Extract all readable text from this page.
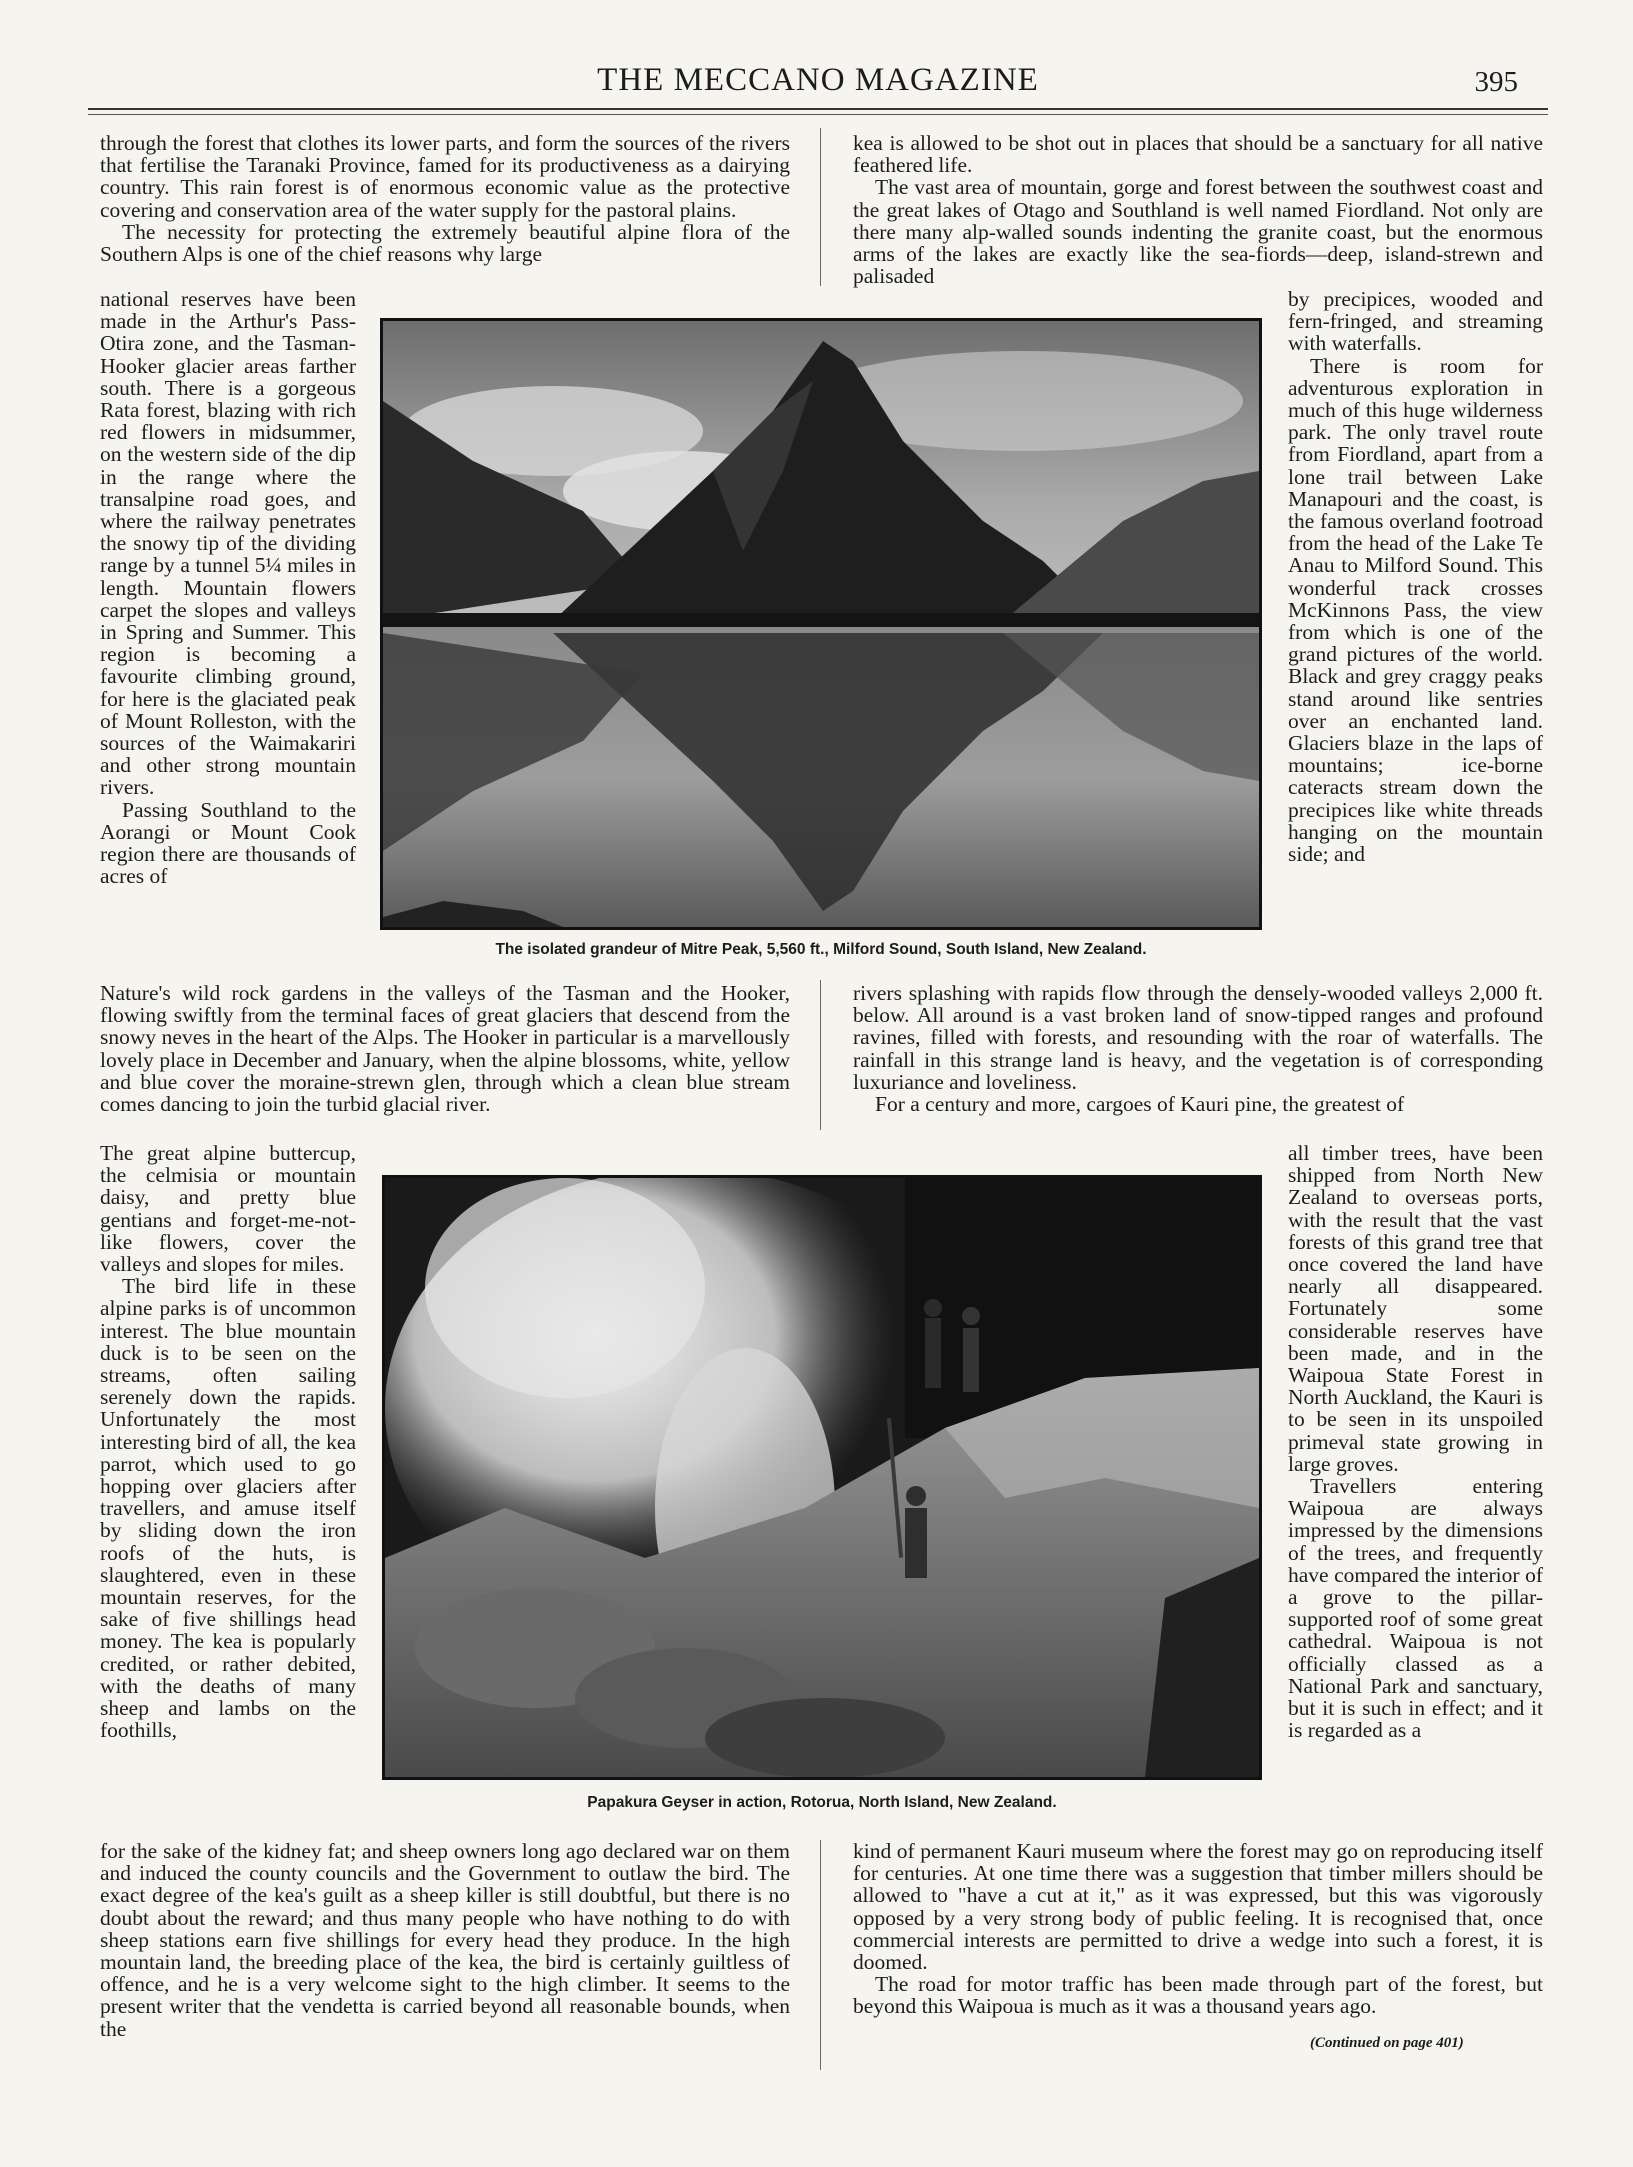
THE MECCANO MAGAZINE	395

through the forest that clothes its lower parts, and form the sources of the rivers that fertilise the Taranaki Province, famed for its productiveness as a dairying country. This rain forest is of enormous economic value as the protective covering and conservation area of the water supply for the pastoral plains.

The necessity for protecting the extremely beautiful alpine flora of the Southern Alps is one of the chief reasons why large

national reserves have been made in the Arthur's Pass-Otira zone, and the Tasman-Hooker glacier areas farther south. There is a gorgeous Rata forest, blazing with rich red flowers in midsummer, on the western side of the dip in the range where the transalpine road goes, and where the railway penetrates the snowy tip of the dividing range by a tunnel 5¼ miles in length. Mountain flowers carpet the slopes and valleys in Spring and Summer. This region is becoming a favourite climbing ground, for here is the glaciated peak of Mount Rolleston, with the sources of the Waimakariri and other strong mountain rivers.

Passing Southland to the Aorangi or Mount Cook region there are thousands of acres of

Nature's wild rock gardens in the valleys of the Tasman and the Hooker, flowing swiftly from the terminal faces of great glaciers that descend from the snowy neves in the heart of the Alps. The Hooker in particular is a marvellously lovely place in December and January, when the alpine blossoms, white, yellow and blue cover the moraine-strewn glen, through which a clean blue stream comes dancing to join the turbid glacial river.

The great alpine buttercup, the celmisia or mountain daisy, and pretty blue gentians and forget-me-not-like flowers, cover the valleys and slopes for miles.

The bird life in these alpine parks is of uncommon interest. The blue mountain duck is to be seen on the streams, often sailing serenely down the rapids. Unfortunately the most interesting bird of all, the kea parrot, which used to go hopping over glaciers after travellers, and amuse itself by sliding down the iron roofs of the huts, is slaughtered, even in these mountain reserves, for the sake of five shillings head money. The kea is popularly credited, or rather debited, with the deaths of many sheep and lambs on the foothills,

for the sake of the kidney fat; and sheep owners long ago declared war on them and induced the county councils and the Government to outlaw the bird. The exact degree of the kea's guilt as a sheep killer is still doubtful, but there is no doubt about the reward; and thus many people who have nothing to do with sheep stations earn five shillings for every head they produce. In the high mountain land, the breeding place of the kea, the bird is certainly guiltless of offence, and he is a very welcome sight to the high climber. It seems to the present writer that the vendetta is carried beyond all reasonable bounds, when the

kea is allowed to be shot out in places that should be a sanctuary for all native feathered life.

The vast area of mountain, gorge and forest between the southwest coast and the great lakes of Otago and Southland is well named Fiordland. Not only are there many alp-walled sounds indenting the granite coast, but the enormous arms of the lakes are exactly like the sea-fiords—deep, island-strewn and palisaded

by precipices, wooded and fern-fringed, and streaming with waterfalls.

There is room for adventurous exploration in much of this huge wilderness park. The only travel route from Fiordland, apart from a lone trail between Lake Manapouri and the coast, is the famous overland footroad from the head of the Lake Te Anau to Milford Sound. This wonderful track crosses McKinnons Pass, the view from which is one of the grand pictures of the world. Black and grey craggy peaks stand around like sentries over an enchanted land. Glaciers blaze in the laps of mountains; ice-borne cateracts stream down the precipices like white threads hanging on the mountain side; and

rivers splashing with rapids flow through the densely-wooded valleys 2,000 ft. below. All around is a vast broken land of snow-tipped ranges and profound ravines, filled with forests, and resounding with the roar of waterfalls. The rainfall in this strange land is heavy, and the vegetation is of corresponding luxuriance and loveliness.

For a century and more, cargoes of Kauri pine, the greatest of

all timber trees, have been shipped from North New Zealand to overseas ports, with the result that the vast forests of this grand tree that once covered the land have nearly all disappeared. Fortunately some considerable reserves have been made, and in the Waipoua State Forest in North Auckland, the Kauri is to be seen in its unspoiled primeval state growing in large groves.

Travellers entering Waipoua are always impressed by the dimensions of the trees, and frequently have compared the interior of a grove to the pillar-supported roof of some great cathedral. Waipoua is not officially classed as a National Park and sanctuary, but it is such in effect; and it is regarded as a

kind of permanent Kauri museum where the forest may go on reproducing itself for centuries. At one time there was a suggestion that timber millers should be allowed to "have a cut at it," as it was expressed, but this was vigorously opposed by a very strong body of public feeling. It is recognised that, once commercial interests are permitted to drive a wedge into such a forest, it is doomed.

The road for motor traffic has been made through part of the forest, but beyond this Waipoua is much as it was a thousand years ago.

The isolated grandeur of Mitre Peak, 5,560 ft., Milford Sound, South Island, New Zealand.
Papakura Geyser in action, Rotorua, North Island, New Zealand.
(Continued on page 401)
